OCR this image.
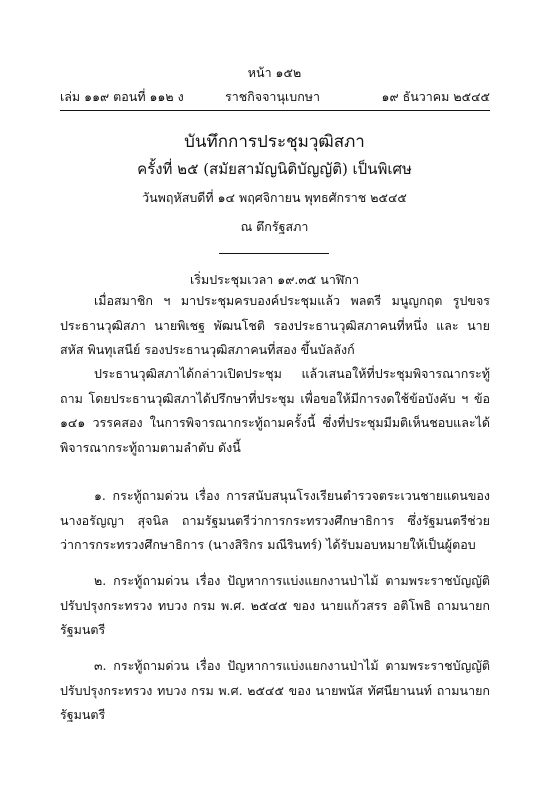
หน้า ๑๕๒
เล่ม ๑๑๙ ตอนที่ ๑๑๒ ง	ราชกิจจานุเบกษา	๑๙ ธันวาคม ๒๕๔๕
บันทึกการประชุมวุฒิสภา
ครั้งที่ ๒๕ (สมัยสามัญนิติบัญญัติ) เป็นพิเศษ
วันพฤหัสบดีที่ ๑๔ พฤศจิกายน พุทธศักราช ๒๕๔๕
ณ ตึกรัฐสภา
เริ่มประชุมเวลา ๑๙.๓๕ นาฬิกา
เมื่อสมาชิก ฯ มาประชุมครบองค์ประชุมแล้ว พลตรี มนูญกฤต รูปขจร ประธานวุฒิสภา นายพิเชฐ พัฒนโชติ รองประธานวุฒิสภาคนที่หนึ่ง และ นายสหัส พินทุเสนีย์ รองประธานวุฒิสภาคนที่สอง ขึ้นบัลลังก์
ประธานวุฒิสภาได้กล่าวเปิดประชุม แล้วเสนอให้ที่ประชุมพิจารณากระทู้ถาม โดยประธานวุฒิสภาได้ปรึกษาที่ประชุม เพื่อขอให้มีการงดใช้ข้อบังคับ ฯ ข้อ ๑๔๑ วรรคสอง ในการพิจารณากระทู้ถามครั้งนี้ ซึ่งที่ประชุมมีมติเห็นชอบและได้พิจารณากระทู้ถามตามลำดับ ดังนี้
๑. กระทู้ถามด่วน เรื่อง การสนับสนุนโรงเรียนตำรวจตระเวนชายแดนของนางอรัญญา สุจนิล ถามรัฐมนตรีว่าการกระทรวงศึกษาธิการ ซึ่งรัฐมนตรีช่วยว่าการกระทรวงศึกษาธิการ (นางสิริกร มณีรินทร์) ได้รับมอบหมายให้เป็นผู้ตอบ
๒. กระทู้ถามด่วน เรื่อง ปัญหาการแบ่งแยกงานป่าไม้ ตามพระราชบัญญัติปรับปรุงกระทรวง ทบวง กรม พ.ศ. ๒๕๔๕ ของ นายแก้วสรร อติโพธิ ถามนายกรัฐมนตรี
๓. กระทู้ถามด่วน เรื่อง ปัญหาการแบ่งแยกงานป่าไม้ ตามพระราชบัญญัติปรับปรุงกระทรวง ทบวง กรม พ.ศ. ๒๕๔๕ ของ นายพนัส ทัศนียานนท์ ถามนายกรัฐมนตรี
